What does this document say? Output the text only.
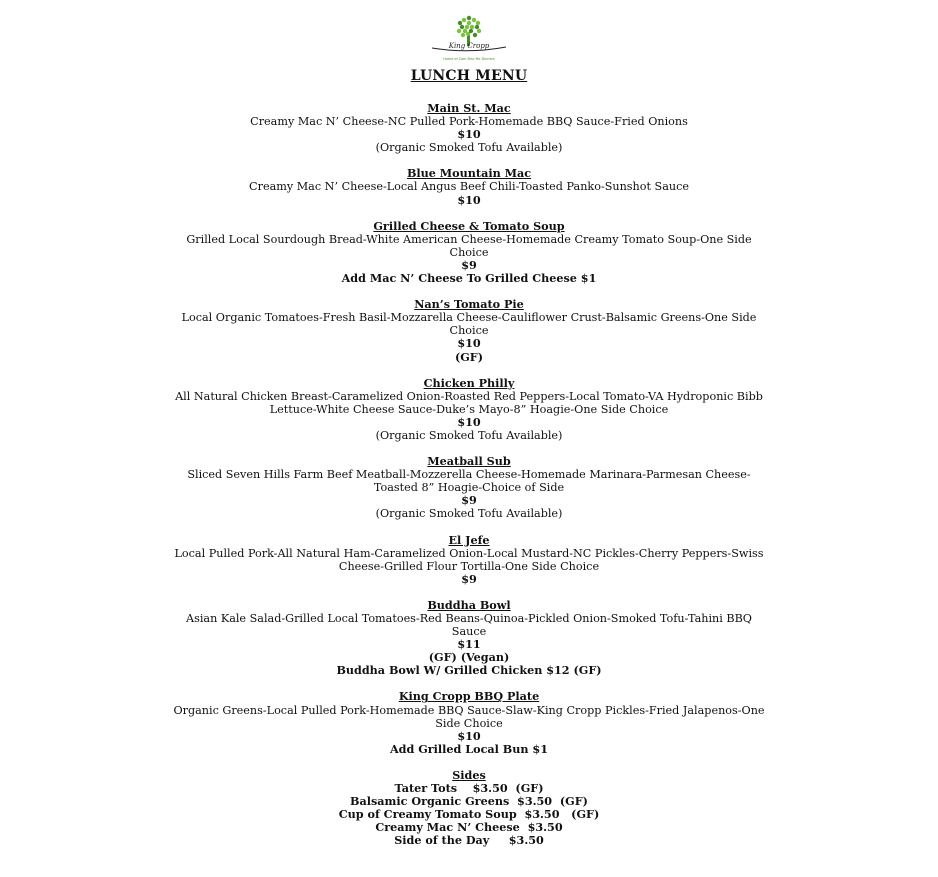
King Cropp
Home of Cam Mac Me Dinners
LUNCH MENU
Main St. Mac
Creamy Mac N’ Cheese-NC Pulled Pork-Homemade BBQ Sauce-Fried Onions
$10
(Organic Smoked Tofu Available)
Blue Mountain Mac
Creamy Mac N’ Cheese-Local Angus Beef Chili-Toasted Panko-Sunshot Sauce
$10
Grilled Cheese & Tomato Soup
Grilled Local Sourdough Bread-White American Cheese-Homemade Creamy Tomato Soup-One Side Choice
$9
Add Mac N’ Cheese To Grilled Cheese $1
Nan’s Tomato Pie
Local Organic Tomatoes-Fresh Basil-Mozzarella Cheese-Cauliflower Crust-Balsamic Greens-One Side Choice
$10
(GF)
Chicken Philly
All Natural Chicken Breast-Caramelized Onion-Roasted Red Peppers-Local Tomato-VA Hydroponic Bibb Lettuce-White Cheese Sauce-Duke’s Mayo-8” Hoagie-One Side Choice
$10
(Organic Smoked Tofu Available)
Meatball Sub
Sliced Seven Hills Farm Beef Meatball-Mozzerella Cheese-Homemade Marinara-Parmesan Cheese-Toasted 8” Hoagie-Choice of Side
$9
(Organic Smoked Tofu Available)
El Jefe
Local Pulled Pork-All Natural Ham-Caramelized Onion-Local Mustard-NC Pickles-Cherry Peppers-Swiss Cheese-Grilled Flour Tortilla-One Side Choice
$9
Buddha Bowl
Asian Kale Salad-Grilled Local Tomatoes-Red Beans-Quinoa-Pickled Onion-Smoked Tofu-Tahini BBQ Sauce
$11
(GF) (Vegan)
Buddha Bowl W/ Grilled Chicken $12 (GF)
King Cropp BBQ Plate
Organic Greens-Local Pulled Pork-Homemade BBQ Sauce-Slaw-King Cropp Pickles-Fried Jalapenos-One Side Choice
$10
Add Grilled Local Bun $1
Sides
Tater Tots    $3.50  (GF)
Balsamic Organic Greens  $3.50  (GF)
Cup of Creamy Tomato Soup  $3.50   (GF)
Creamy Mac N’ Cheese  $3.50
Side of the Day     $3.50
